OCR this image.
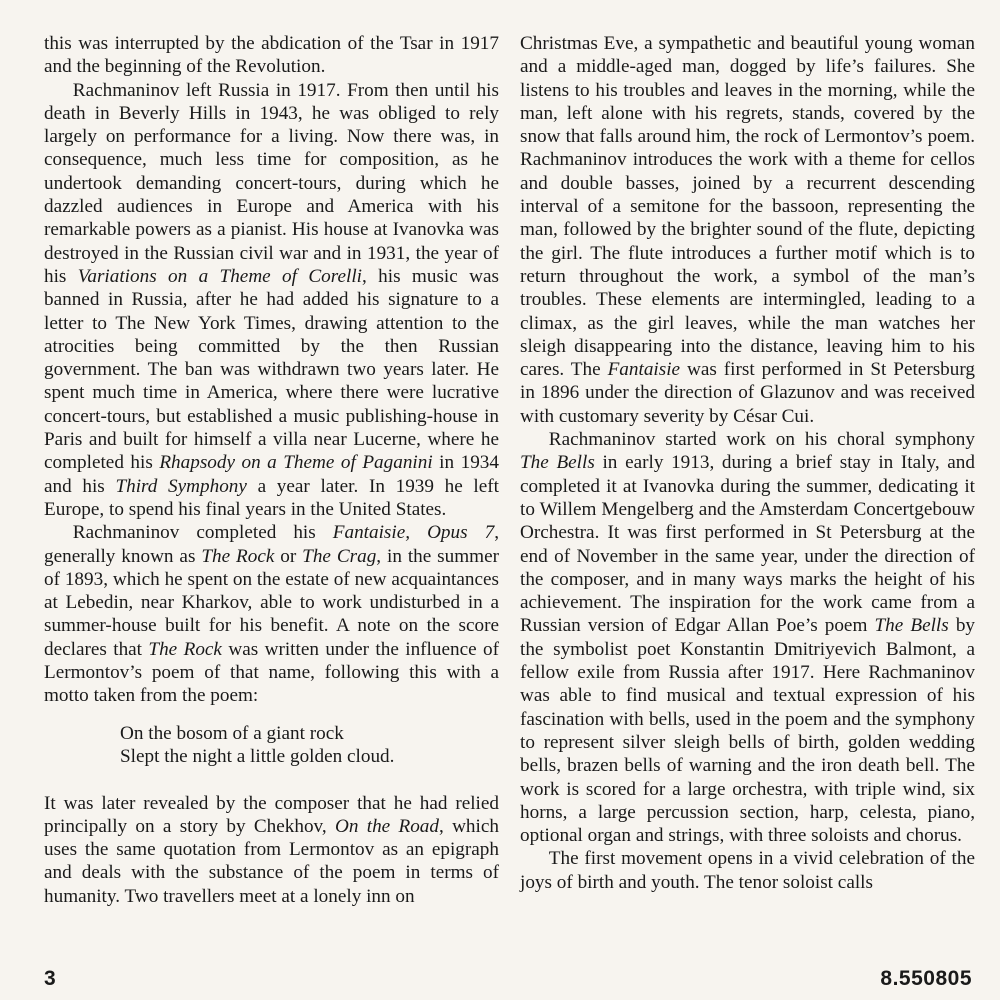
this was interrupted by the abdication of the Tsar in 1917 and the beginning of the Revolution.

Rachmaninov left Russia in 1917. From then until his death in Beverly Hills in 1943, he was obliged to rely largely on performance for a living. Now there was, in consequence, much less time for composition, as he undertook demanding concert-tours, during which he dazzled audiences in Europe and America with his remarkable powers as a pianist. His house at Ivanovka was destroyed in the Russian civil war and in 1931, the year of his Variations on a Theme of Corelli, his music was banned in Russia, after he had added his signature to a letter to The New York Times, drawing attention to the atrocities being committed by the then Russian government. The ban was withdrawn two years later. He spent much time in America, where there were lucrative concert-tours, but established a music publishing-house in Paris and built for himself a villa near Lucerne, where he completed his Rhapsody on a Theme of Paganini in 1934 and his Third Symphony a year later. In 1939 he left Europe, to spend his final years in the United States.

Rachmaninov completed his Fantaisie, Opus 7, generally known as The Rock or The Crag, in the summer of 1893, which he spent on the estate of new acquaintances at Lebedin, near Kharkov, able to work undisturbed in a summer-house built for his benefit. A note on the score declares that The Rock was written under the influence of Lermontov’s poem of that name, following this with a motto taken from the poem:

On the bosom of a giant rock
Slept the night a little golden cloud.

It was later revealed by the composer that he had relied principally on a story by Chekhov, On the Road, which uses the same quotation from Lermontov as an epigraph and deals with the substance of the poem in terms of humanity. Two travellers meet at a lonely inn on

Christmas Eve, a sympathetic and beautiful young woman and a middle-aged man, dogged by life’s failures. She listens to his troubles and leaves in the morning, while the man, left alone with his regrets, stands, covered by the snow that falls around him, the rock of Lermontov’s poem. Rachmaninov introduces the work with a theme for cellos and double basses, joined by a recurrent descending interval of a semitone for the bassoon, representing the man, followed by the brighter sound of the flute, depicting the girl. The flute introduces a further motif which is to return throughout the work, a symbol of the man’s troubles. These elements are intermingled, leading to a climax, as the girl leaves, while the man watches her sleigh disappearing into the distance, leaving him to his cares. The Fantaisie was first performed in St Petersburg in 1896 under the direction of Glazunov and was received with customary severity by César Cui.

Rachmaninov started work on his choral symphony The Bells in early 1913, during a brief stay in Italy, and completed it at Ivanovka during the summer, dedicating it to Willem Mengelberg and the Amsterdam Concertgebouw Orchestra. It was first performed in St Petersburg at the end of November in the same year, under the direction of the composer, and in many ways marks the height of his achievement. The inspiration for the work came from a Russian version of Edgar Allan Poe’s poem The Bells by the symbolist poet Konstantin Dmitriyevich Balmont, a fellow exile from Russia after 1917. Here Rachmaninov was able to find musical and textual expression of his fascination with bells, used in the poem and the symphony to represent silver sleigh bells of birth, golden wedding bells, brazen bells of warning and the iron death bell. The work is scored for a large orchestra, with triple wind, six horns, a large percussion section, harp, celesta, piano, optional organ and strings, with three soloists and chorus.

The first movement opens in a vivid celebration of the joys of birth and youth. The tenor soloist calls

3	8.550805
